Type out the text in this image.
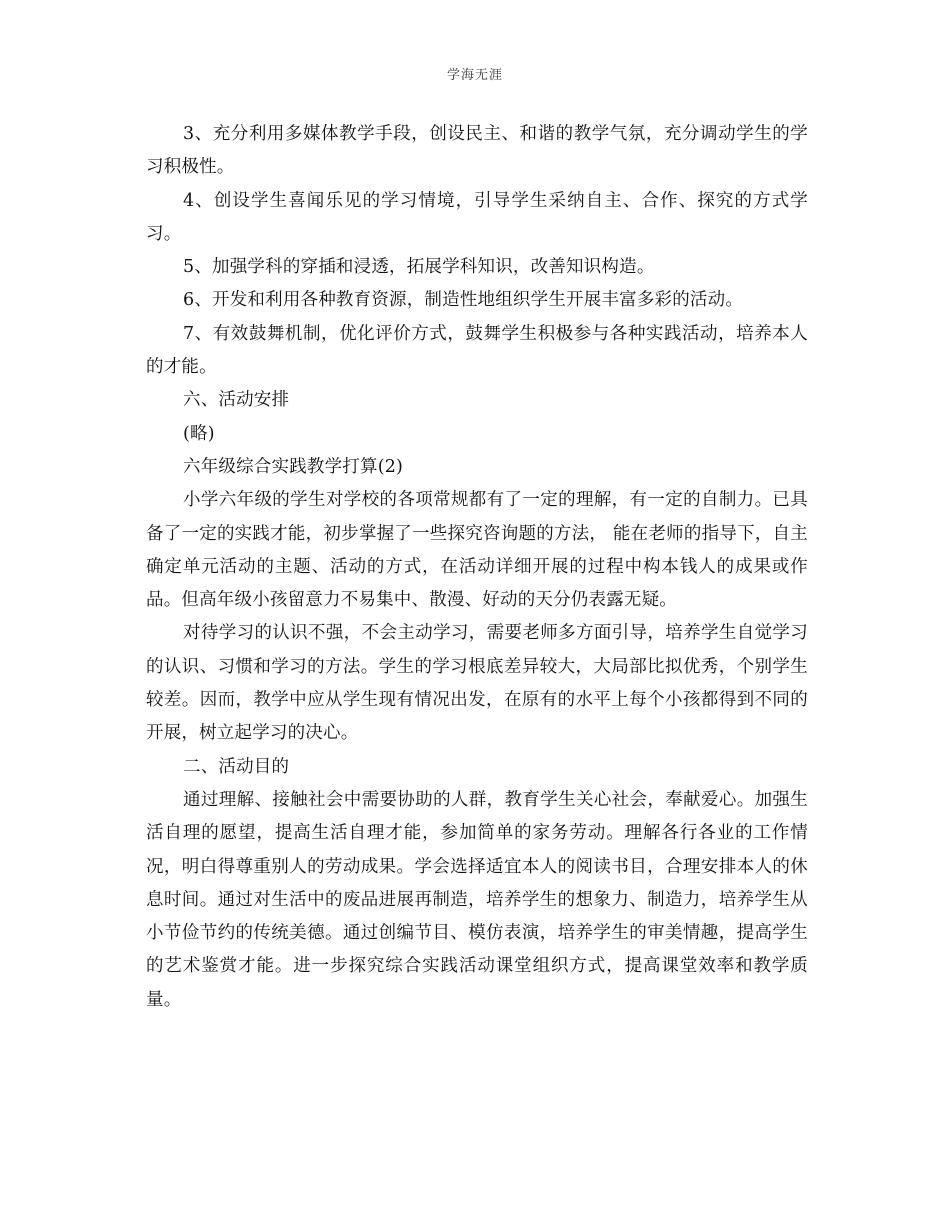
学海无涯

3、充分利用多媒体教学手段，创设民主、和谐的教学气氛，充分调动学生的学习积极性。

4、创设学生喜闻乐见的学习情境，引导学生采纳自主、合作、探究的方式学习。

5、加强学科的穿插和浸透，拓展学科知识，改善知识构造。

6、开发和利用各种教育资源，制造性地组织学生开展丰富多彩的活动。

7、有效鼓舞机制，优化评价方式，鼓舞学生积极参与各种实践活动，培养本人的才能。

六、活动安排

(略)

六年级综合实践教学打算(2)

小学六年级的学生对学校的各项常规都有了一定的理解，有一定的自制力。已具备了一定的实践才能，初步掌握了一些探究咨询题的方法， 能在老师的指导下，自主确定单元活动的主题、活动的方式，在活动详细开展的过程中构本钱人的成果或作品。但高年级小孩留意力不易集中、散漫、好动的天分仍表露无疑。

对待学习的认识不强，不会主动学习，需要老师多方面引导，培养学生自觉学习的认识、习惯和学习的方法。学生的学习根底差异较大，大局部比拟优秀，个别学生较差。因而，教学中应从学生现有情况出发，在原有的水平上每个小孩都得到不同的开展，树立起学习的决心。

二、活动目的

通过理解、接触社会中需要协助的人群，教育学生关心社会，奉献爱心。加强生活自理的愿望，提高生活自理才能，参加简单的家务劳动。理解各行各业的工作情况，明白得尊重别人的劳动成果。学会选择适宜本人的阅读书目，合理安排本人的休息时间。通过对生活中的废品进展再制造，培养学生的想象力、制造力，培养学生从小节俭节约的传统美德。通过创编节目、模仿表演，培养学生的审美情趣，提高学生的艺术鉴赏才能。进一步探究综合实践活动课堂组织方式，提高课堂效率和教学质量。
